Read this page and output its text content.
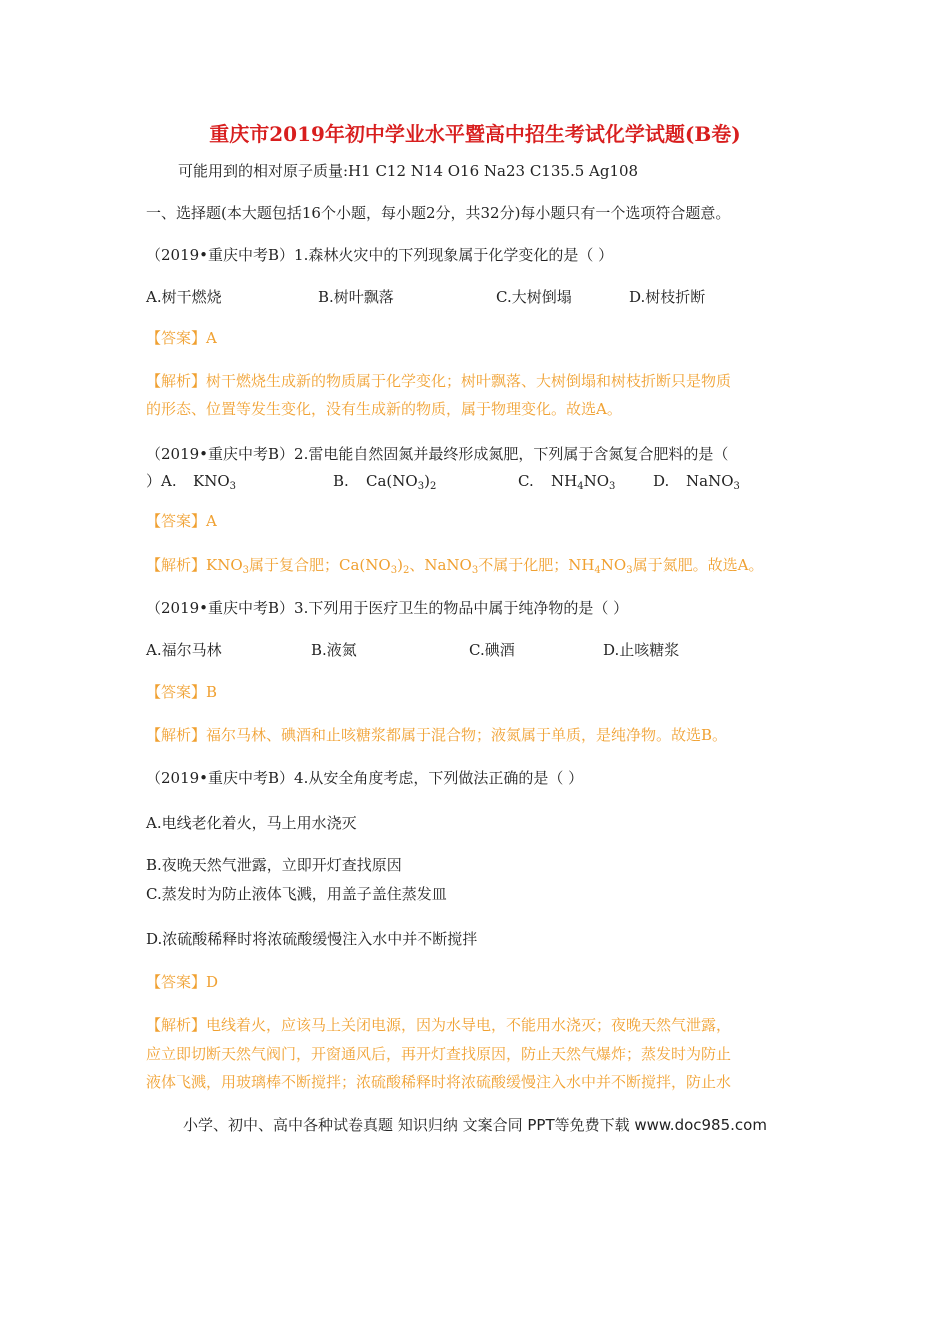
重庆市2019年初中学业水平暨高中招生考试化学试题(B卷)
可能用到的相对原子质量:H1 C12 N14 O16 Na23 C135.5 Ag108
一、选择题(本大题包括16个小题，每小题2分，共32分)每小题只有一个选项符合题意。
（2019•重庆中考B）1.森林火灾中的下列现象属于化学变化的是（ ）
A.树干燃烧	B.树叶飘落	C.大树倒塌	D.树枝折断
【答案】A
【解析】树干燃烧生成新的物质属于化学变化；树叶飘落、大树倒塌和树枝折断只是物质
的形态、位置等发生变化，没有生成新的物质，属于物理变化。故选A。
（2019•重庆中考B）2.雷电能自然固氮并最终形成氮肥，下列属于含氮复合肥料的是（
）A. $KNO_3$	B. $Ca(NO_3)_2$	C. $NH_4NO_3$	D. NaNO$_3$
【答案】A
【解析】$KNO_3$属于复合肥；$Ca(NO_3)_2$、NaNO$_3$不属于化肥；$NH_4NO_3$属于氮肥。故选A。
（2019•重庆中考B）3.下列用于医疗卫生的物品中属于纯净物的是（ ）
A.福尔马林	B.液氮	C.碘酒	D.止咳糖浆
【答案】B
【解析】福尔马林、碘酒和止咳糖浆都属于混合物；液氮属于单质，是纯净物。故选B。
（2019•重庆中考B）4.从安全角度考虑，下列做法正确的是（ ）
A.电线老化着火，马上用水浇灭
B.夜晚天然气泄露，立即开灯查找原因
C.蒸发时为防止液体飞溅，用盖子盖住蒸发皿
D.浓硫酸稀释时将浓硫酸缓慢注入水中并不断搅拌
【答案】D
【解析】电线着火，应该马上关闭电源，因为水导电，不能用水浇灭；夜晚天然气泄露，
应立即切断天然气阀门，开窗通风后，再开灯查找原因，防止天然气爆炸；蒸发时为防止
液体飞溅，用玻璃棒不断搅拌；浓硫酸稀释时将浓硫酸缓慢注入水中并不断搅拌，防止水
小学、初中、高中各种试卷真题 知识归纳 文案合同 PPT等免费下载 www.doc985.com
